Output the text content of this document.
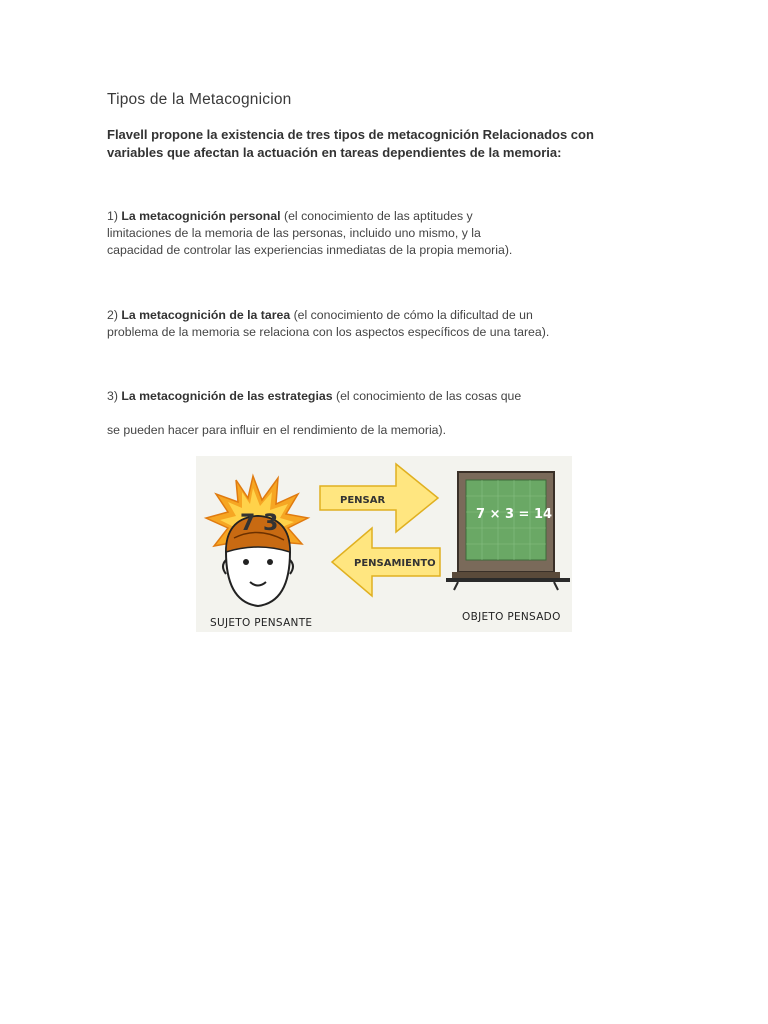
Tipos de la Metacognicion
Flavell propone la existencia de tres tipos de metacognición Relacionados con variables que afectan la actuación en tareas dependientes de la memoria:
1) La metacognición personal (el conocimiento de las aptitudes y limitaciones de la memoria de las personas, incluido uno mismo, y la capacidad de controlar las experiencias inmediatas de la propia memoria).
2) La metacognición de la tarea (el conocimiento de cómo la dificultad de un problema de la memoria se relaciona con los aspectos específicos de una tarea).
3) La metacognición de las estrategias (el conocimiento de las cosas que
se pueden hacer para influir en el rendimiento de la memoria).
7 3
SUJETO PENSANTE
PENSAR
PENSAMIENTO
7 × 3 = 14
OBJETO PENSADO
